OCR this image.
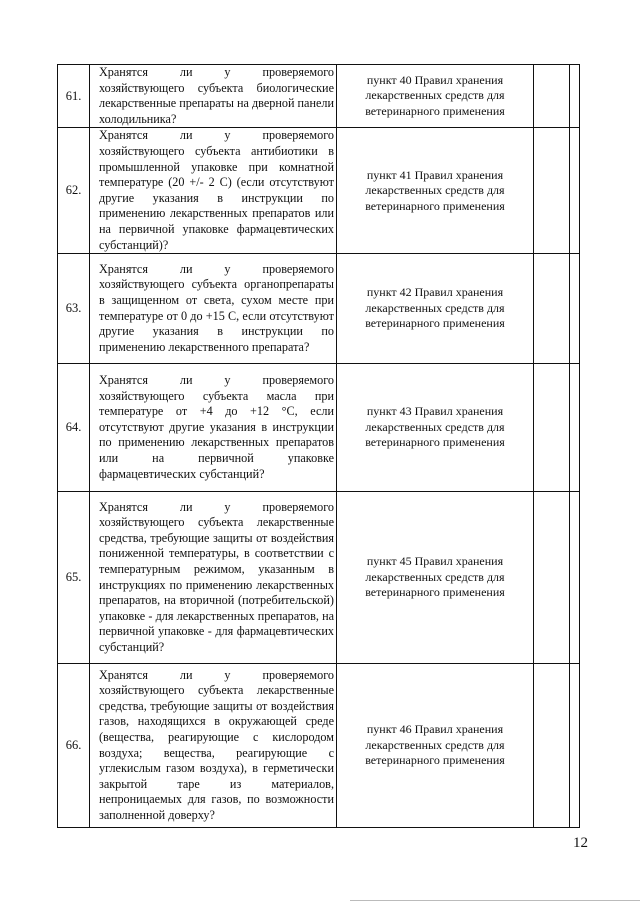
61.	Хранятся ли у проверяемого хозяйствующего субъекта биологические лекарственные препараты на дверной панели холодильника?	пункт 40 Правил хранения лекарственных средств для ветеринарного применения		
62.	Хранятся ли у проверяемого хозяйствующего субъекта антибиотики в промышленной упаковке при комнатной температуре (20 +/- 2 С) (если отсутствуют другие указания в инструкции по применению лекарственных препаратов или на первичной упаковке фармацевтических субстанций)?	пункт 41 Правил хранения лекарственных средств для ветеринарного применения		
63.	Хранятся ли у проверяемого хозяйствующего субъекта органопрепараты в защищенном от света, сухом месте при температуре от 0 до +15 С, если отсутствуют другие указания в инструкции по применению лекарственного препарата?	пункт 42 Правил хранения лекарственных средств для ветеринарного применения		
64.	Хранятся ли у проверяемого хозяйствующего субъекта масла при температуре от +4 до +12 °С, если отсутствуют другие указания в инструкции по применению лекарственных препаратов или на первичной упаковке фармацевтических субстанций?	пункт 43 Правил хранения лекарственных средств для ветеринарного применения		
65.	Хранятся ли у проверяемого хозяйствующего субъекта лекарственные средства, требующие защиты от воздействия пониженной температуры, в соответствии с температурным режимом, указанным в инструкциях по применению лекарственных препаратов, на вторичной (потребительской) упаковке - для лекарственных препаратов, на первичной упаковке - для фармацевтических субстанций?	пункт 45 Правил хранения лекарственных средств для ветеринарного применения		
66.	Хранятся ли у проверяемого хозяйствующего субъекта лекарственные средства, требующие защиты от воздействия газов, находящихся в окружающей среде (вещества, реагирующие с кислородом воздуха; вещества, реагирующие с углекислым газом воздуха), в герметически закрытой таре из материалов, непроницаемых для газов, по возможности заполненной доверху?	пункт 46 Правил хранения лекарственных средств для ветеринарного применения		
12
